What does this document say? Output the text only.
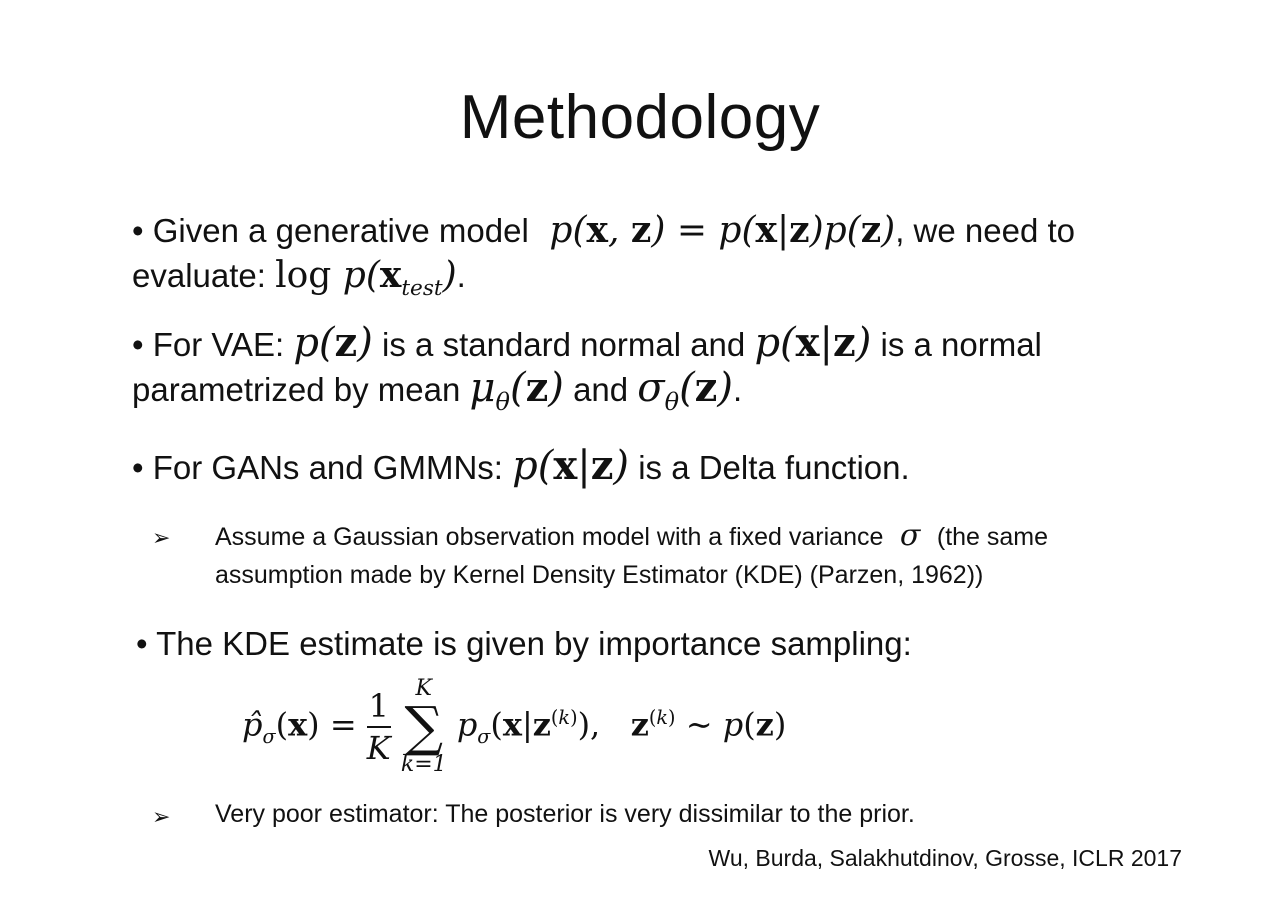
Methodology
• Given a generative model  p(x, z) = p(x|z)p(z), we need to
evaluate: $\log p(x_{test})$.
• For VAE: p(z) is a standard normal and p(x|z) is a normal
parametrized by mean $\mu_\theta(z)$ and $\sigma_\theta(z)$.
• For GANs and GMMNs: p(x|z) is a Delta function.
➢ Assume a Gaussian observation model with a fixed variance  σ  (the same
assumption made by Kernel Density Estimator (KDE) (Parzen, 1962))
• The KDE estimate is given by importance sampling:
$p̂_\sigma(x) = \frac{1}{K}$
	K
∑
k=1
$p_\sigma(x|z^{(k)})$,   $z^{(k)}$ ∼ p(z)
➢ Very poor estimator: The posterior is very dissimilar to the prior.
Wu, Burda, Salakhutdinov, Grosse, ICLR 2017
